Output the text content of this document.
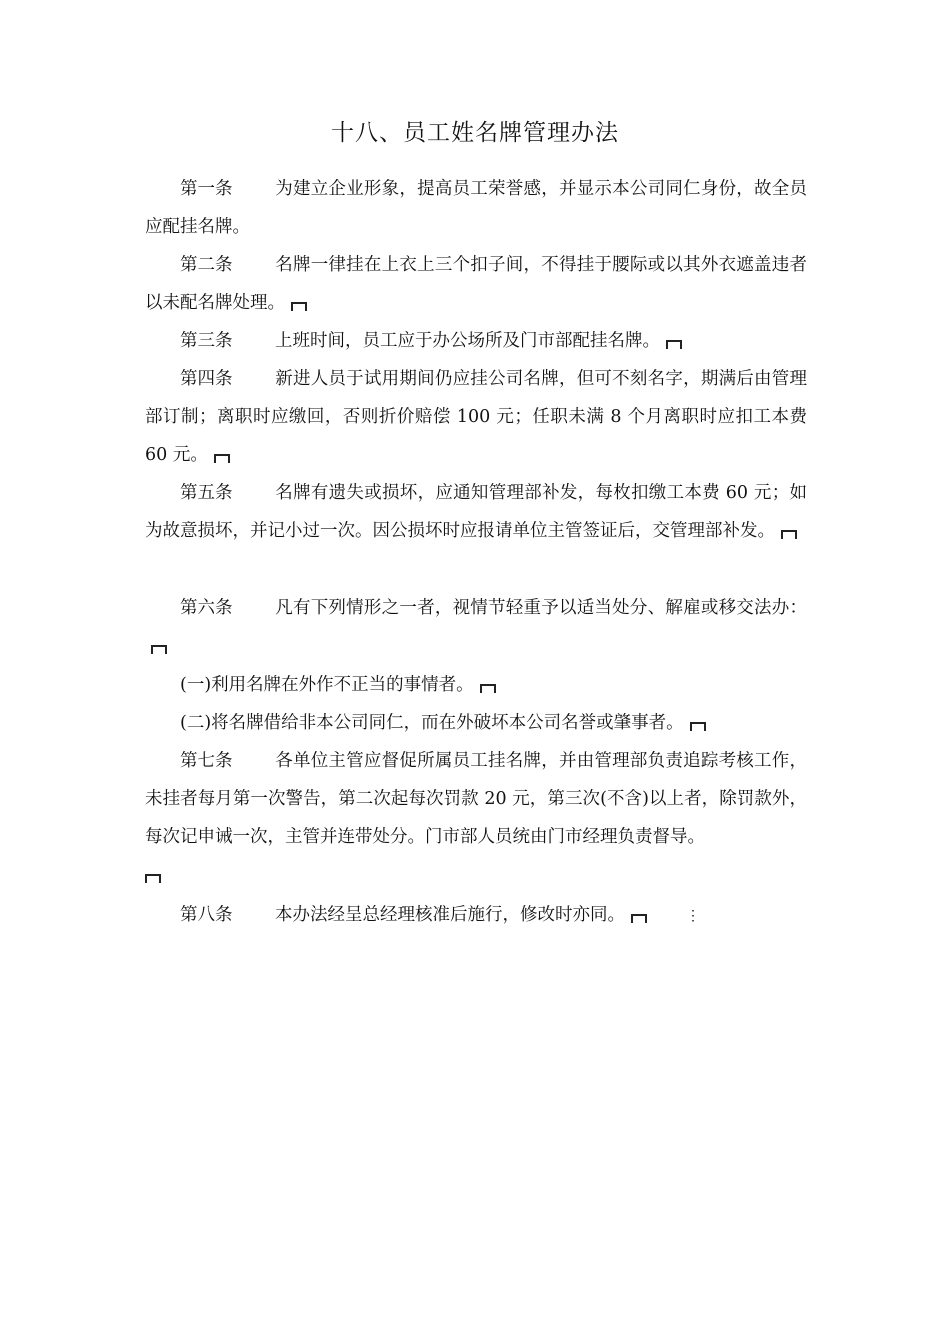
十八、员工姓名牌管理办法
第一条 为建立企业形象，提高员工荣誉感，并显示本公司同仁身份，故全员应配挂名牌。
第二条 名牌一律挂在上衣上三个扣子间，不得挂于腰际或以其外衣遮盖违者以未配名牌处理。
第三条 上班时间，员工应于办公场所及门市部配挂名牌。
第四条 新进人员于试用期间仍应挂公司名牌，但可不刻名字，期满后由管理部订制；离职时应缴回，否则折价赔偿 100 元；任职未满 8 个月离职时应扣工本费 60 元。
第五条 名牌有遗失或损坏，应通知管理部补发，每枚扣缴工本费 60 元；如为故意损坏，并记小过一次。因公损坏时应报请单位主管签证后，交管理部补发。
第六条 凡有下列情形之一者，视情节轻重予以适当处分、解雇或移交法办：
(一)利用名牌在外作不正当的事情者。
(二)将名牌借给非本公司同仁，而在外破坏本公司名誉或肇事者。
第七条 各单位主管应督促所属员工挂名牌，并由管理部负责追踪考核工作，未挂者每月第一次警告，第二次起每次罚款 20 元，第三次(不含)以上者，除罚款外，每次记申诫一次，主管并连带处分。门市部人员统由门市经理负责督导。
第八条 本办法经呈总经理核准后施行，修改时亦同。	⋮
